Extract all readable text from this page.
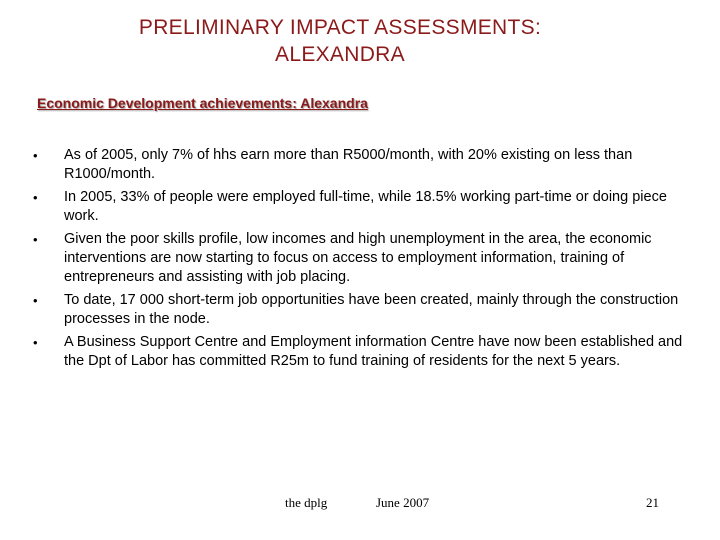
PRELIMINARY IMPACT ASSESSMENTS:
ALEXANDRA
Economic Development achievements: Alexandra
• As of 2005, only 7% of hhs earn more than R5000/month, with 20% existing on less than R1000/month.
• In 2005, 33% of people were employed full-time, while 18.5% working part-time or doing piece work.
• Given the poor skills profile, low incomes and high unemployment in the area, the economic interventions are now starting to focus on access to employment information, training of entrepreneurs and assisting with job placing.
• To date, 17 000 short-term job opportunities have been created, mainly through the construction processes in the node.
• A Business Support Centre and Employment information Centre have now been established and the Dpt of Labor has committed R25m to fund training of residents for the next 5 years.
the dplg	June 2007	21
